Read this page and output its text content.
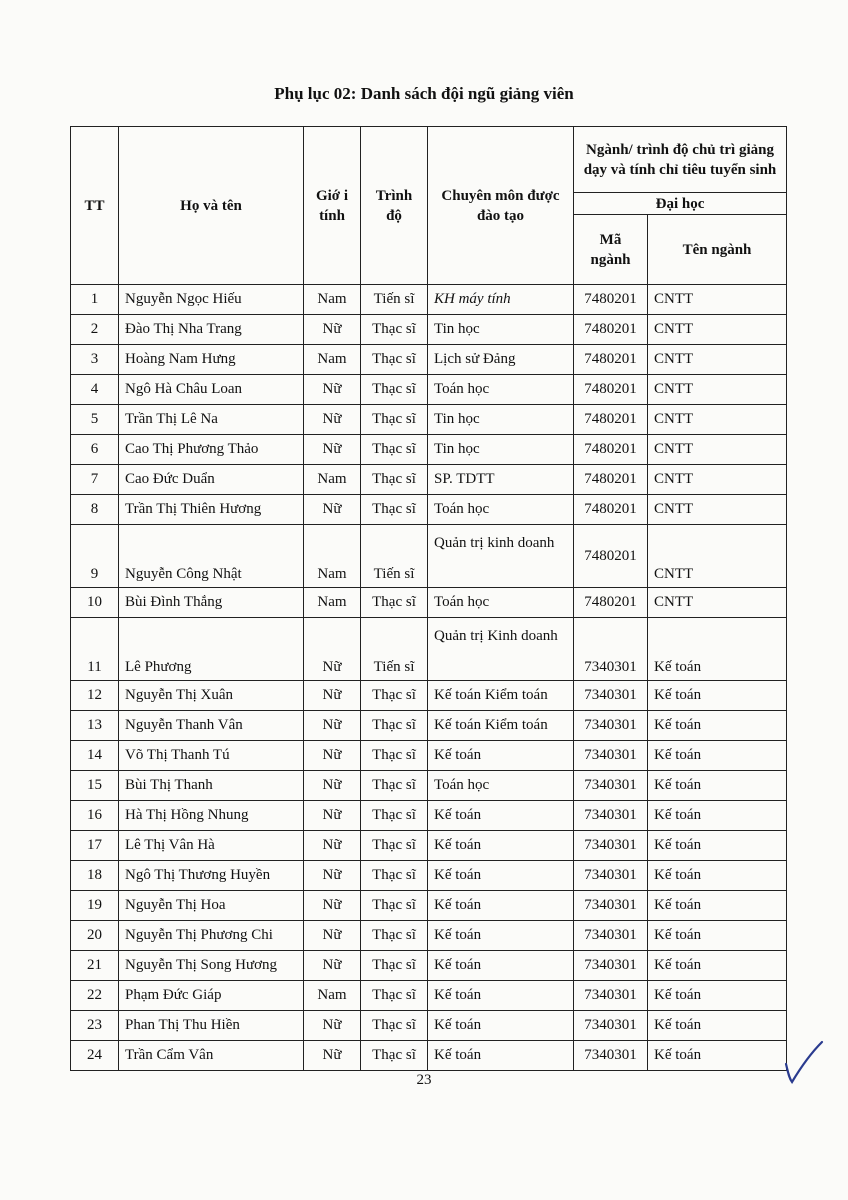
Phụ lục 02: Danh sách đội ngũ giảng viên
TT	Họ và tên	Giớ i tính	Trình độ	Chuyên môn được đào tạo	Ngành/ trình độ chủ trì giảng dạy và tính chỉ tiêu tuyển sinh	
					Đại học	
					Mã ngành	Tên ngành
1	Nguyễn Ngọc Hiếu	Nam	Tiến sĩ	KH máy tính	7480201	CNTT
2	Đào Thị Nha Trang	Nữ	Thạc sĩ	Tin học	7480201	CNTT
3	Hoàng Nam Hưng	Nam	Thạc sĩ	Lịch sử Đảng	7480201	CNTT
4	Ngô Hà Châu Loan	Nữ	Thạc sĩ	Toán học	7480201	CNTT
5	Trần Thị Lê Na	Nữ	Thạc sĩ	Tin học	7480201	CNTT
6	Cao Thị Phương Thảo	Nữ	Thạc sĩ	Tin học	7480201	CNTT
7	Cao Đức Duẩn	Nam	Thạc sĩ	SP. TDTT	7480201	CNTT
8	Trần Thị Thiên Hương	Nữ	Thạc sĩ	Toán học	7480201	CNTT
9	Nguyễn Công Nhật	Nam	Tiến sĩ	Quản trị kinh doanh	7480201	CNTT
10	Bùi Đình Thắng	Nam	Thạc sĩ	Toán học	7480201	CNTT
11	Lê Phương	Nữ	Tiến sĩ	Quản trị Kinh doanh	7340301	Kế toán
12	Nguyễn Thị Xuân	Nữ	Thạc sĩ	Kế toán Kiểm toán	7340301	Kế toán
13	Nguyễn Thanh Vân	Nữ	Thạc sĩ	Kế toán Kiểm toán	7340301	Kế toán
14	Võ Thị Thanh Tú	Nữ	Thạc sĩ	Kế toán	7340301	Kế toán
15	Bùi Thị Thanh	Nữ	Thạc sĩ	Toán học	7340301	Kế toán
16	Hà Thị Hồng Nhung	Nữ	Thạc sĩ	Kế toán	7340301	Kế toán
17	Lê Thị Vân Hà	Nữ	Thạc sĩ	Kế toán	7340301	Kế toán
18	Ngô Thị Thương Huyền	Nữ	Thạc sĩ	Kế toán	7340301	Kế toán
19	Nguyễn Thị Hoa	Nữ	Thạc sĩ	Kế toán	7340301	Kế toán
20	Nguyễn Thị Phương Chi	Nữ	Thạc sĩ	Kế toán	7340301	Kế toán
21	Nguyễn Thị Song Hương	Nữ	Thạc sĩ	Kế toán	7340301	Kế toán
22	Phạm Đức Giáp	Nam	Thạc sĩ	Kế toán	7340301	Kế toán
23	Phan Thị Thu Hiền	Nữ	Thạc sĩ	Kế toán	7340301	Kế toán
24	Trần Cẩm Vân	Nữ	Thạc sĩ	Kế toán	7340301	Kế toán
23
